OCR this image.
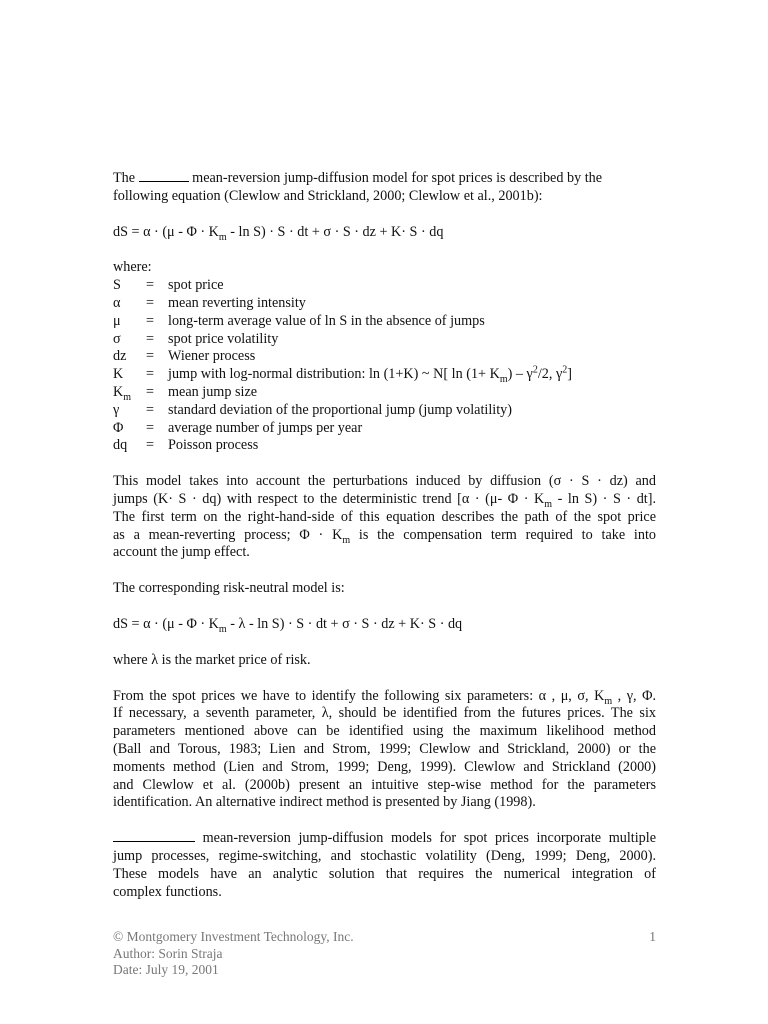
The	mean-reversion jump-diffusion model for spot prices is described by the
following equation (Clewlow and Strickland, 2000; Clewlow et al., 2001b):

dS = $\alpha \cdot (\mu - \Phi \cdot K_m - \ln S) \cdot S$ · dt + σ · S · dz + K· S · dq

where:

S	= spot price
α	= mean reverting intensity
μ	= long-term average value of ln S in the absence of jumps
σ	= spot price volatility
dz	= Wiener process
K	= jump with log-normal distribution: ln (1+K) ~ N[ $\ln (1+ K_m) - \gamma^2/2$, $\gamma^2$]
$K_m$	= mean jump size
γ	= standard deviation of the proportional jump (jump volatility)
Φ	= average number of jumps per year
dq	= Poisson process
This model takes into account the perturbations induced by diffusion (σ · S · dz) and
jumps (K· S · dq) with respect to the deterministic trend [α · (μ- $\Phi \cdot K_m - \ln S) \cdot S \cdot dt$].
The first term on the right-hand-side of this equation describes the path of the spot price
as a mean-reverting process; $\Phi \cdot K_m$ is the compensation term required to take into
account the jump effect.

The corresponding risk-neutral model is:

dS = $\alpha \cdot (\mu - \Phi \cdot K_m - \lambda - \ln S) \cdot S$ · dt + σ · S · dz + K· S · dq

where λ is the market price of risk.

From the spot prices we have to identify the following six parameters: α , μ, σ, $K_m$ , γ, Φ.
If necessary, a seventh parameter, λ, should be identified from the futures prices. The six
parameters mentioned above can be identified using the maximum likelihood method
(Ball and Torous, 1983; Lien and Strom, 1999; Clewlow and Strickland, 2000) or the
moments method (Lien and Strom, 1999; Deng, 1999). Clewlow and Strickland (2000)
and Clewlow et al. (2000b) present an intuitive step-wise method for the parameters
identification. An alternative indirect method is presented by Jiang (1998).
mean-reversion jump-diffusion models for spot prices incorporate multiple
jump processes, regime-switching, and stochastic volatility (Deng, 1999; Deng, 2000).
These models have an analytic solution that requires the numerical integration of
complex functions.
© Montgomery Investment Technology, Inc.
Author: Sorin Straja
Date: July 19, 2001
1
